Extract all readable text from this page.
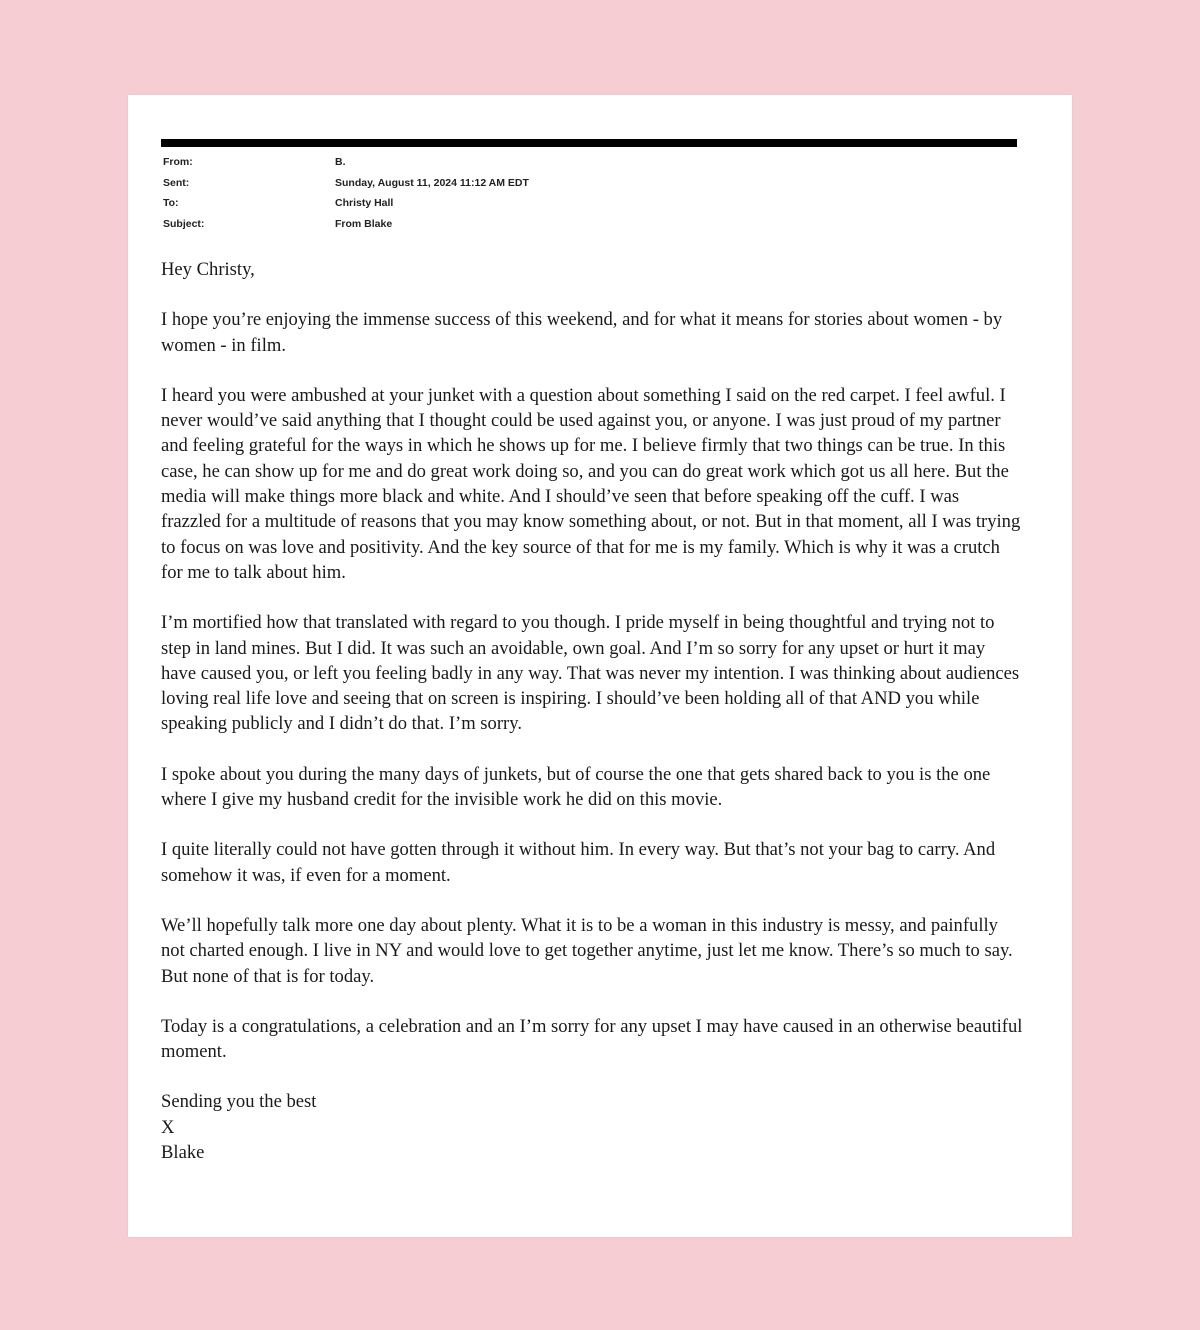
From:	B.
Sent:	Sunday, August 11, 2024 11:12 AM EDT
To:	Christy Hall
Subject:	From Blake

Hey Christy,

I hope you’re enjoying the immense success of this weekend, and for what it means for stories about women - by women - in film.

I heard you were ambushed at your junket with a question about something I said on the red carpet. I feel awful. I never would’ve said anything that I thought could be used against you, or anyone. I was just proud of my partner and feeling grateful for the ways in which he shows up for me. I believe firmly that two things can be true. In this case, he can show up for me and do great work doing so, and you can do great work which got us all here. But the media will make things more black and white. And I should’ve seen that before speaking off the cuff. I was frazzled for a multitude of reasons that you may know something about, or not. But in that moment, all I was trying to focus on was love and positivity. And the key source of that for me is my family. Which is why it was a crutch for me to talk about him.

I’m mortified how that translated with regard to you though. I pride myself in being thoughtful and trying not to step in land mines. But I did. It was such an avoidable, own goal. And I’m so sorry for any upset or hurt it may have caused you, or left you feeling badly in any way. That was never my intention. I was thinking about audiences loving real life love and seeing that on screen is inspiring. I should’ve been holding all of that AND you while speaking publicly and I didn’t do that. I’m sorry.

I spoke about you during the many days of junkets, but of course the one that gets shared back to you is the one where I give my husband credit for the invisible work he did on this movie.

I quite literally could not have gotten through it without him. In every way. But that’s not your bag to carry. And somehow it was, if even for a moment.

We’ll hopefully talk more one day about plenty. What it is to be a woman in this industry is messy, and painfully not charted enough. I live in NY and would love to get together anytime, just let me know. There’s so much to say. But none of that is for today.

Today is a congratulations, a celebration and an I’m sorry for any upset I may have caused in an otherwise beautiful moment.

Sending you the best
X
Blake
